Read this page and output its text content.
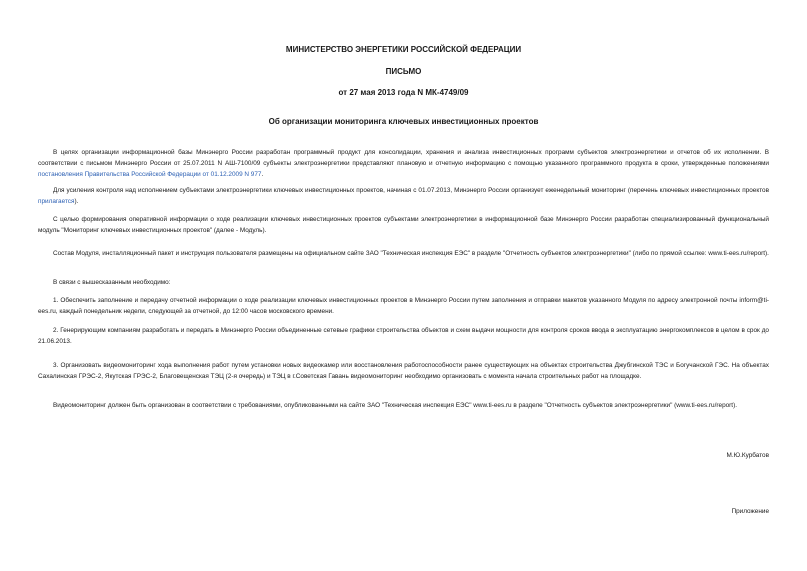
МИНИСТЕРСТВО ЭНЕРГЕТИКИ РОССИЙСКОЙ ФЕДЕРАЦИИ
ПИСЬМО
от 27 мая 2013 года N МК-4749/09
Об организации мониторинга ключевых инвестиционных проектов
В целях организации информационной базы Минэнерго России разработан программный продукт для консолидации, хранения и анализа инвестиционных программ субъектов электроэнергетики и отчетов об их исполнении. В соответствии с письмом Минэнерго России от 25.07.2011 N АШ-7100/09 субъекты электроэнергетики представляют плановую и отчетную информацию с помощью указанного программного продукта в сроки, утвержденные положениями постановления Правительства Российской Федерации от 01.12.2009 N 977.
Для усиления контроля над исполнением субъектами электроэнергетики ключевых инвестиционных проектов, начиная с 01.07.2013, Минэнерго России организует еженедельный мониторинг (перечень ключевых инвестиционных проектов прилагается).
С целью формирования оперативной информации о ходе реализации ключевых инвестиционных проектов субъектами электроэнергетики в информационной базе Минэнерго России разработан специализированный функциональный модуль "Мониторинг ключевых инвестиционных проектов" (далее - Модуль).
Состав Модуля, инсталляционный пакет и инструкция пользователя размещены на официальном сайте ЗАО "Техническая инспекция ЕЭС" в разделе "Отчетность субъектов электроэнергетики" (либо по прямой ссылке: www.ti-ees.ru/report).
В связи с вышесказанным необходимо:
1. Обеспечить заполнение и передачу отчетной информации о ходе реализации ключевых инвестиционных проектов в Минэнерго России путем заполнения и отправки макетов указанного Модуля по адресу электронной почты inform@ti-ees.ru, каждый понедельник недели, следующей за отчетной, до 12:00 часов московского времени.
2. Генерирующим компаниям разработать и передать в Минэнерго России объединенные сетевые графики строительства объектов и схем выдачи мощности для контроля сроков ввода в эксплуатацию энергокомплексов в целом в срок до 21.06.2013.
3. Организовать видеомониторинг хода выполнения работ путем установки новых видеокамер или восстановления работоспособности ранее существующих на объектах строительства Джубгинской ТЭС и Богучанской ГЭС. На объектах Сахалинская ГРЭС-2, Якутская ГРЭС-2, Благовещенская ТЭЦ (2-я очередь) и ТЭЦ в г.Советская Гавань видеомониторинг необходимо организовать с момента начала строительных работ на площадке.
Видеомониторинг должен быть организован в соответствии с требованиями, опубликованными на сайте ЗАО "Техническая инспекция ЕЭС" www.ti-ees.ru в разделе "Отчетность субъектов электроэнергетики" (www.ti-ees.ru/report).
М.Ю.Курбатов
Приложение
